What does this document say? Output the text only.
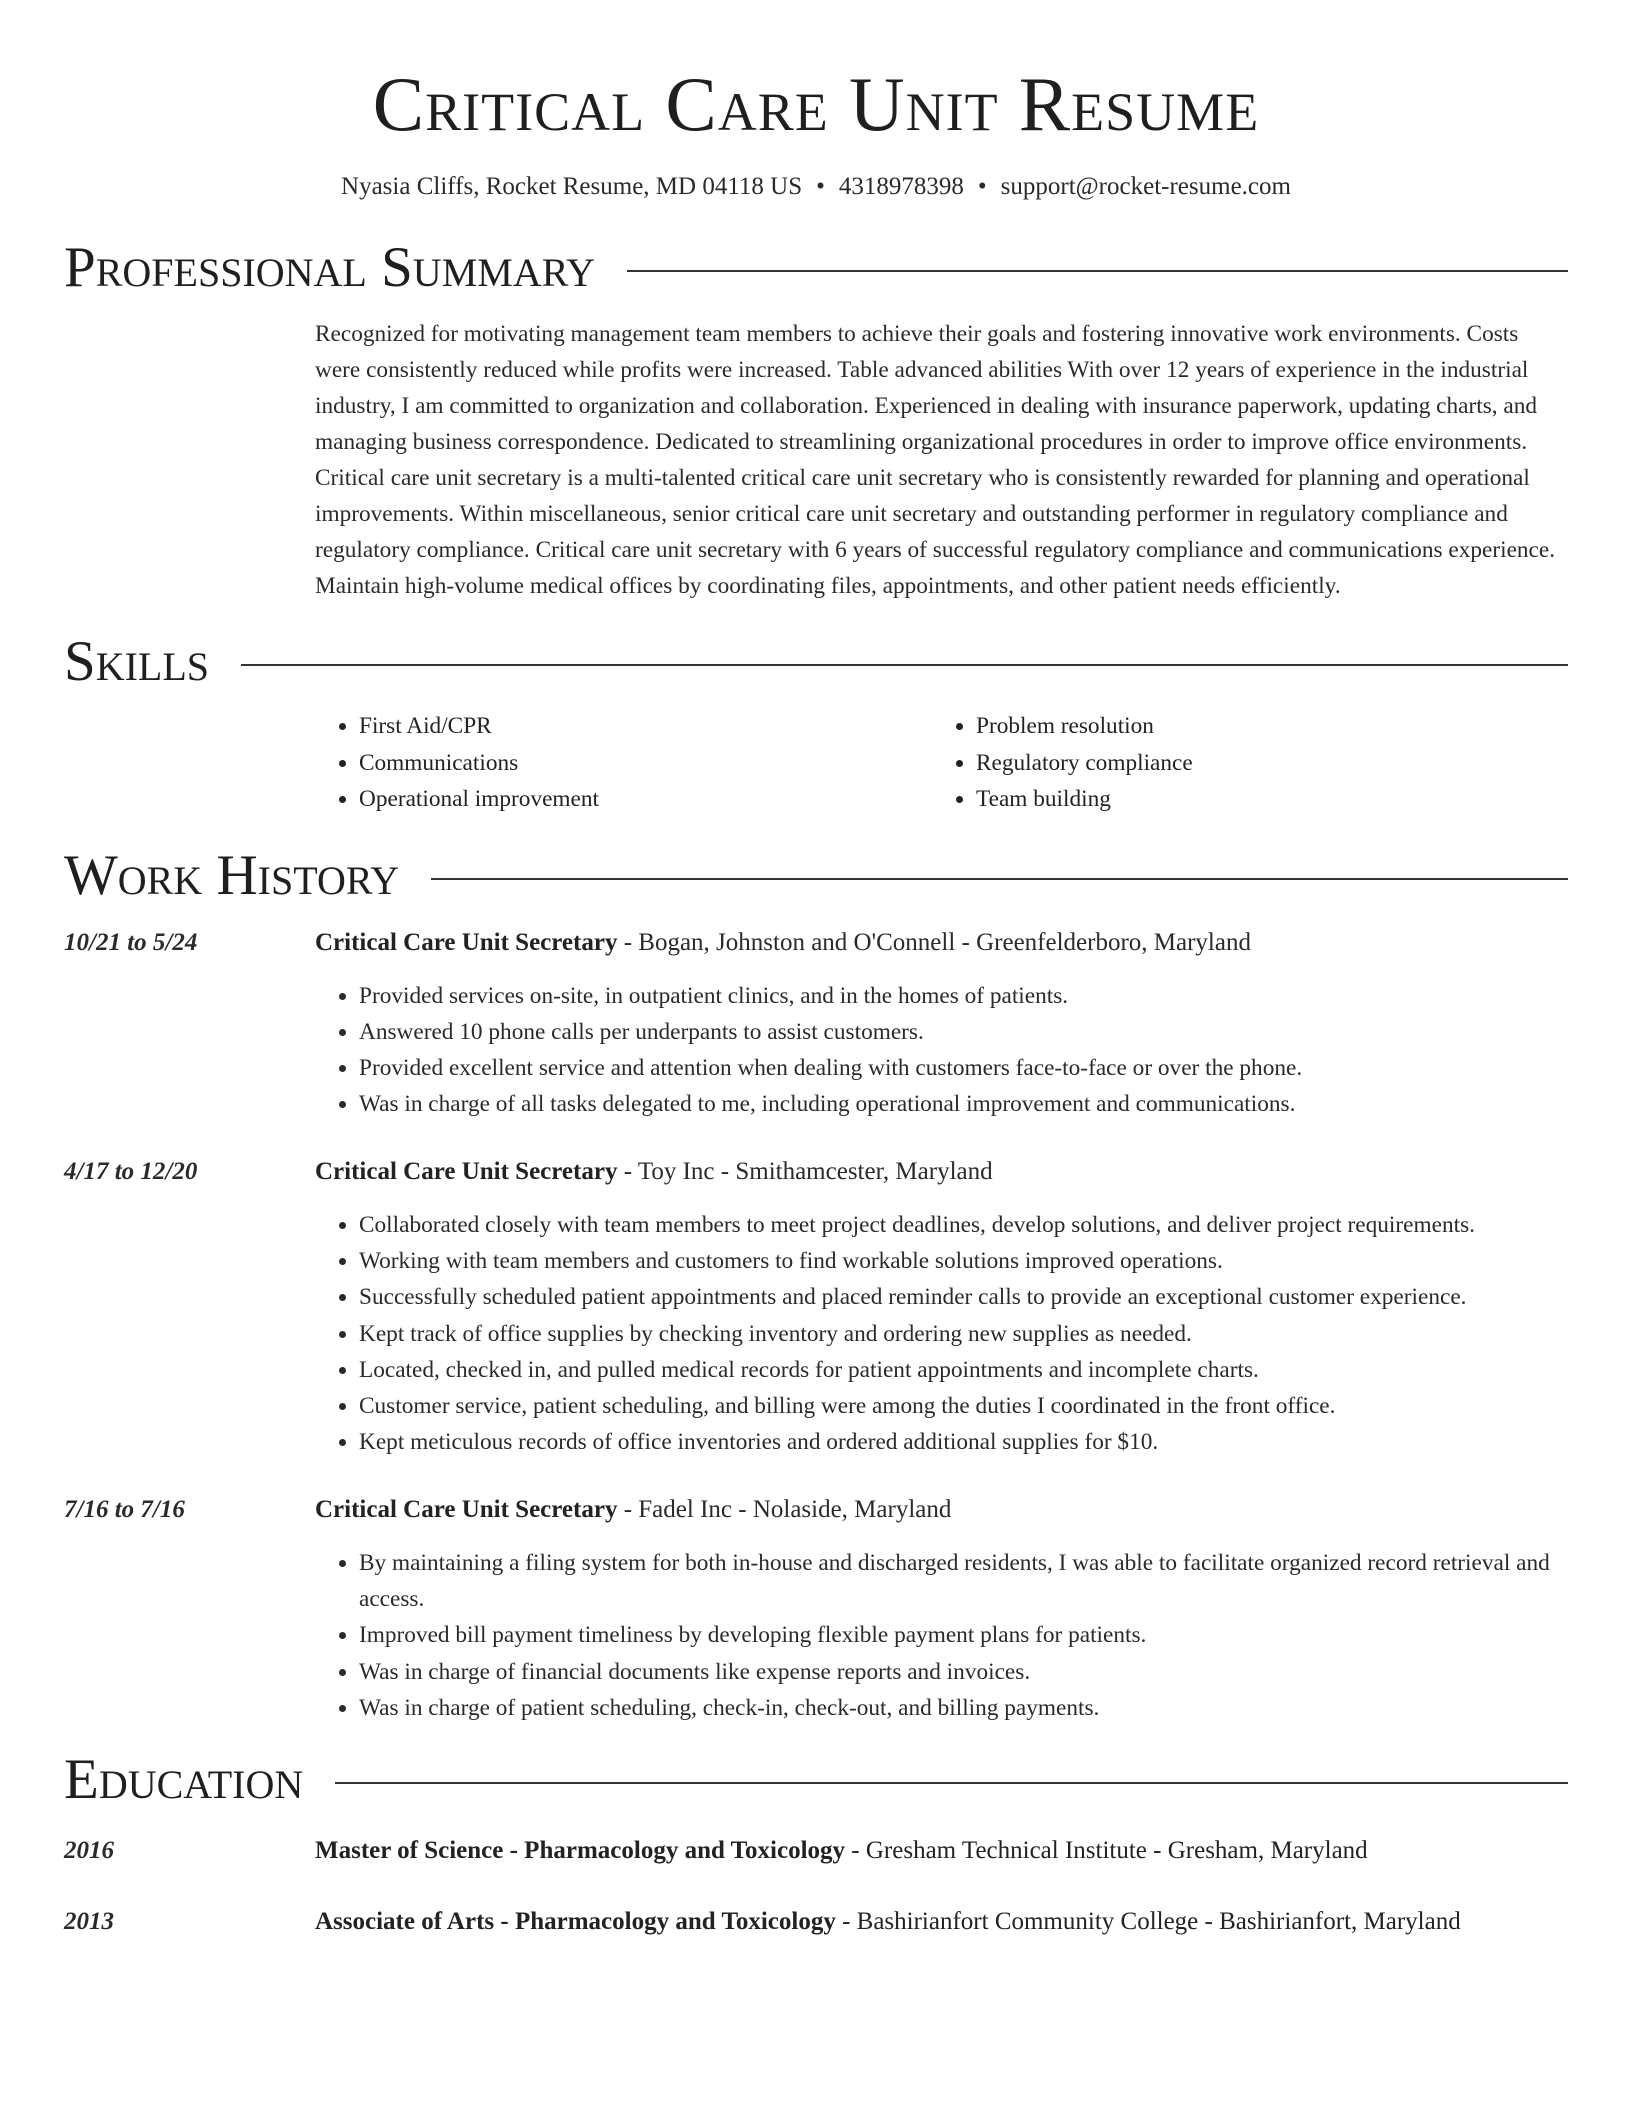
Critical Care Unit Resume
Nyasia Cliffs, Rocket Resume, MD 04118 US • 4318978398 • support@rocket-resume.com
Professional Summary

Recognized for motivating management team members to achieve their goals and fostering innovative work environments. Costs were consistently reduced while profits were increased. Table advanced abilities With over 12 years of experience in the industrial industry, I am committed to organization and collaboration. Experienced in dealing with insurance paperwork, updating charts, and managing business correspondence. Dedicated to streamlining organizational procedures in order to improve office environments. Critical care unit secretary is a multi-talented critical care unit secretary who is consistently rewarded for planning and operational improvements. Within miscellaneous, senior critical care unit secretary and outstanding performer in regulatory compliance and regulatory compliance. Critical care unit secretary with 6 years of successful regulatory compliance and communications experience. Maintain high-volume medical offices by coordinating files, appointments, and other patient needs efficiently.

Skills
• First Aid/CPR
• Communications
• Operational improvement
• Problem resolution
• Regulatory compliance
• Team building
Work History
10/21 to 5/24	Critical Care Unit Secretary - Bogan, Johnston and O'Connell - Greenfelderboro, Maryland
• Provided services on-site, in outpatient clinics, and in the homes of patients.
• Answered 10 phone calls per underpants to assist customers.
• Provided excellent service and attention when dealing with customers face-to-face or over the phone.
• Was in charge of all tasks delegated to me, including operational improvement and communications.
4/17 to 12/20	Critical Care Unit Secretary - Toy Inc - Smithamcester, Maryland
• Collaborated closely with team members to meet project deadlines, develop solutions, and deliver project requirements.
• Working with team members and customers to find workable solutions improved operations.
• Successfully scheduled patient appointments and placed reminder calls to provide an exceptional customer experience.
• Kept track of office supplies by checking inventory and ordering new supplies as needed.
• Located, checked in, and pulled medical records for patient appointments and incomplete charts.
• Customer service, patient scheduling, and billing were among the duties I coordinated in the front office.
• Kept meticulous records of office inventories and ordered additional supplies for $10.
7/16 to 7/16	Critical Care Unit Secretary - Fadel Inc - Nolaside, Maryland
• By maintaining a filing system for both in-house and discharged residents, I was able to facilitate organized record retrieval and access.
• Improved bill payment timeliness by developing flexible payment plans for patients.
• Was in charge of financial documents like expense reports and invoices.
• Was in charge of patient scheduling, check-in, check-out, and billing payments.
Education
2016	Master of Science - Pharmacology and Toxicology - Gresham Technical Institute - Gresham, Maryland
2013	Associate of Arts - Pharmacology and Toxicology - Bashirianfort Community College - Bashirianfort, Maryland
